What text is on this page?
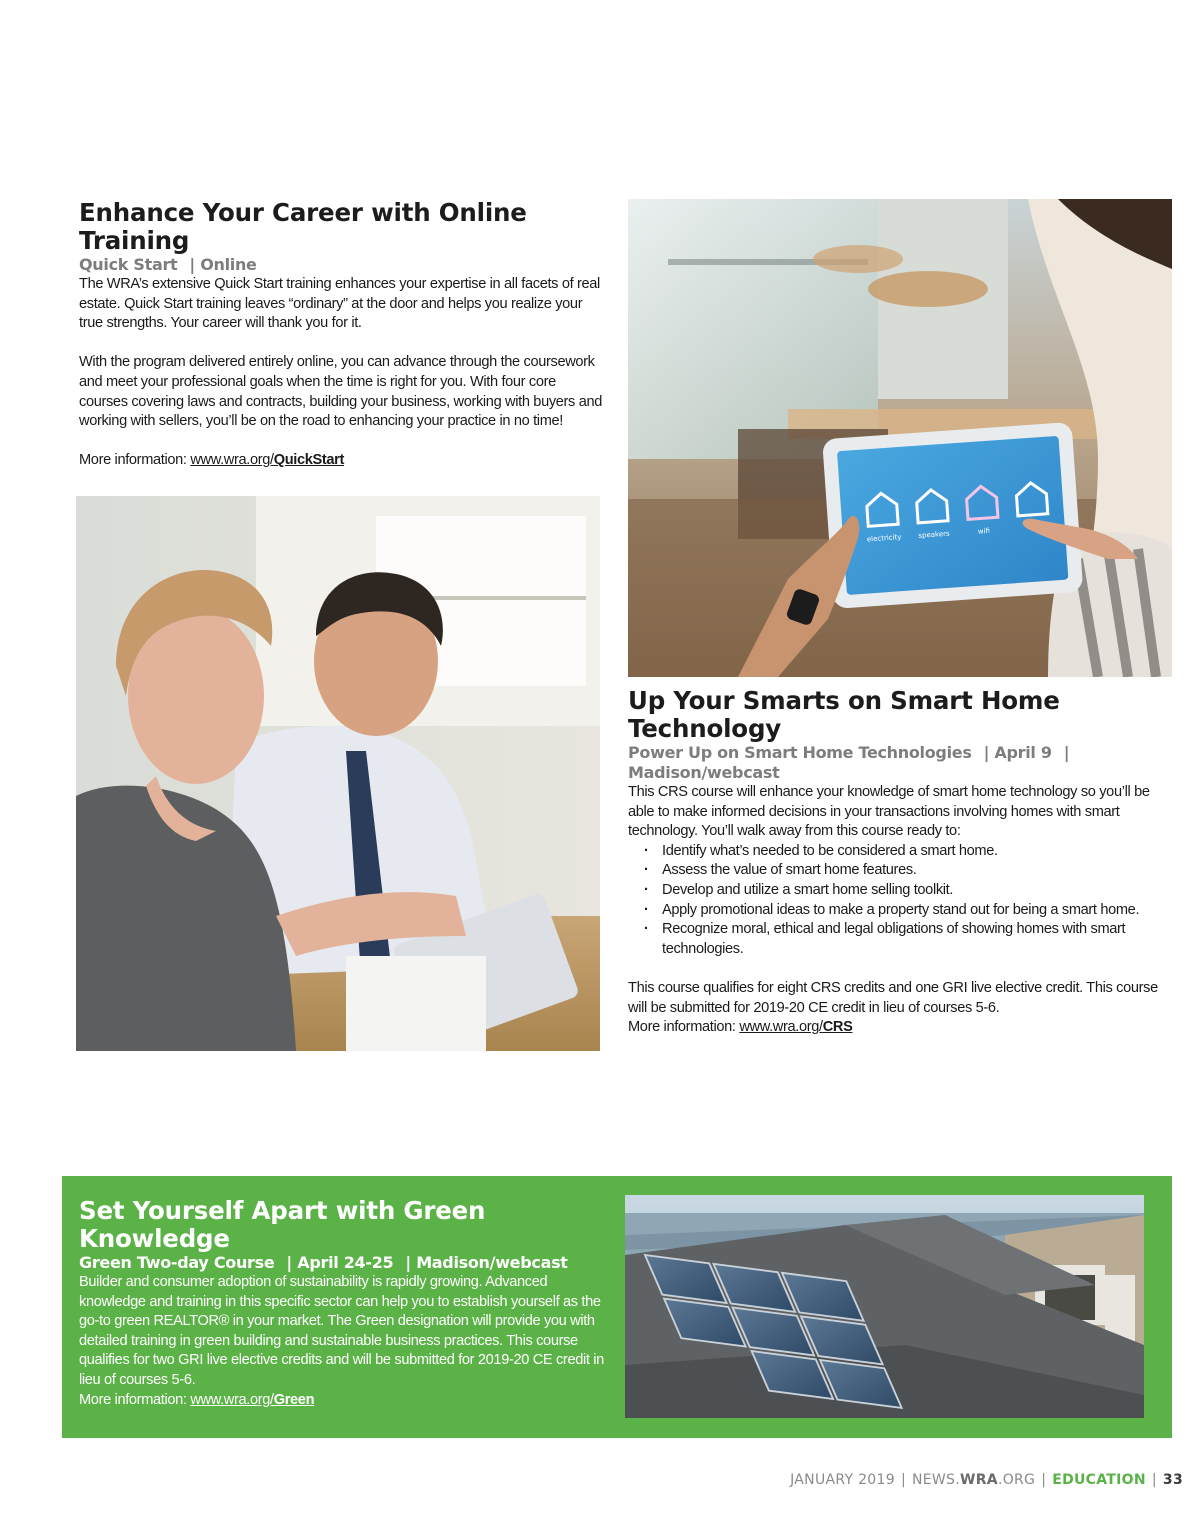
Enhance Your Career with Online Training
Quick Start | Online

The WRA’s extensive Quick Start training enhances your expertise in all facets of real estate. Quick Start training leaves “ordinary” at the door and helps you realize your true strengths. Your career will thank you for it.

With the program delivered entirely online, you can advance through the coursework and meet your professional goals when the time is right for you. With four core courses covering laws and contracts, building your business, working with buyers and working with sellers, you’ll be on the road to enhancing your practice in no time!

More information: www.wra.org/QuickStart

electricity speakers	wifi
Up Your Smarts on Smart Home Technology
Power Up on Smart Home Technologies | April 9 | Madison/webcast

This CRS course will enhance your knowledge of smart home technology so you’ll be able to make informed decisions in your transactions involving homes with smart technology. You’ll walk away from this course ready to:

· Identify what’s needed to be considered a smart home.
· Assess the value of smart home features.
· Develop and utilize a smart home selling toolkit.
· Apply promotional ideas to make a property stand out for being a smart home.
· Recognize moral, ethical and legal obligations of showing homes with smart technologies.

This course qualifies for eight CRS credits and one GRI live elective credit. This course will be submitted for 2019-20 CE credit in lieu of courses 5-6.

More information: www.wra.org/CRS

Set Yourself Apart with Green Knowledge
Green Two-day Course | April 24-25 | Madison/webcast

Builder and consumer adoption of sustainability is rapidly growing. Advanced knowledge and training in this specific sector can help you to establish yourself as the go-to green REALTOR® in your market. The Green designation will provide you with detailed training in green building and sustainable business practices. This course qualifies for two GRI live elective credits and will be submitted for 2019-20 CE credit in lieu of courses 5-6.

More information: www.wra.org/Green

JANUARY 2019 | NEWS.WRA.ORG | EDUCATION | 33
